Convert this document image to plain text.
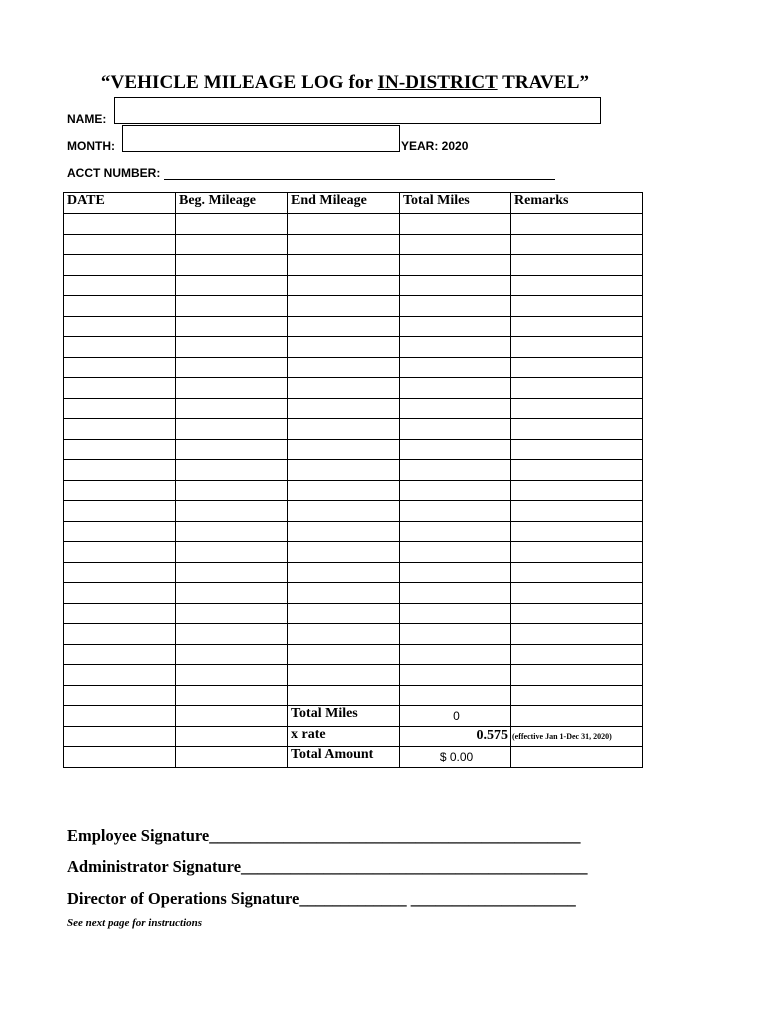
“VEHICLE MILEAGE LOG for IN-DISTRICT TRAVEL”
NAME:
MONTH:	YEAR: 2020
ACCT NUMBER:
DATE	Beg. Mileage	End Mileage	Total Miles	Remarks

		Total Miles	0	
		x rate	0.575	(effective Jan 1-Dec 31, 2020)
		Total Amount	$ 0.00	
Employee Signature_____________________________________________
Administrator Signature__________________________________________
Director of Operations Signature_____________ ____________________
See next page for instructions
